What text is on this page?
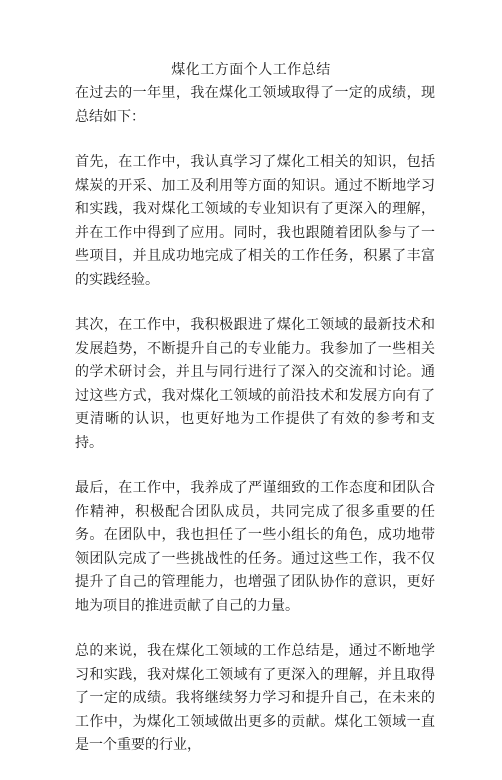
煤化工方面个人工作总结

在过去的一年里，我在煤化工领域取得了一定的成绩，现总结如下：

首先，在工作中，我认真学习了煤化工相关的知识，包括煤炭的开采、加工及利用等方面的知识。通过不断地学习和实践，我对煤化工领域的专业知识有了更深入的理解，并在工作中得到了应用。同时，我也跟随着团队参与了一些项目，并且成功地完成了相关的工作任务，积累了丰富的实践经验。

其次，在工作中，我积极跟进了煤化工领域的最新技术和发展趋势，不断提升自己的专业能力。我参加了一些相关的学术研讨会，并且与同行进行了深入的交流和讨论。通过这些方式，我对煤化工领域的前沿技术和发展方向有了更清晰的认识，也更好地为工作提供了有效的参考和支持。

最后，在工作中，我养成了严谨细致的工作态度和团队合作精神，积极配合团队成员，共同完成了很多重要的任务。在团队中，我也担任了一些小组长的角色，成功地带领团队完成了一些挑战性的任务。通过这些工作，我不仅提升了自己的管理能力，也增强了团队协作的意识，更好地为项目的推进贡献了自己的力量。

总的来说，我在煤化工领域的工作总结是，通过不断地学习和实践，我对煤化工领域有了更深入的理解，并且取得了一定的成绩。我将继续努力学习和提升自己，在未来的工作中，为煤化工领域做出更多的贡献。煤化工领域一直是一个重要的行业，
